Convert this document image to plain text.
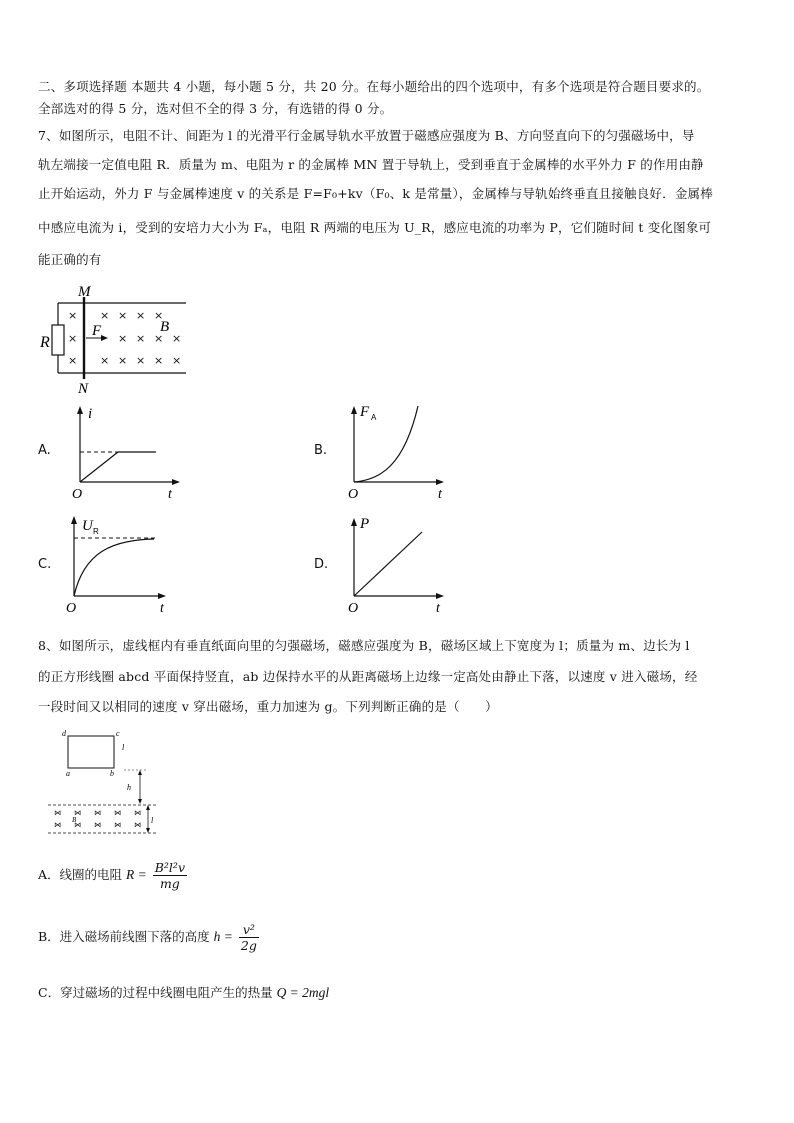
二、多项选择题 本题共 4 小题，每小题 5 分，共 20 分。在每小题给出的四个选项中，有多个选项是符合题目要求的。
全部选对的得 5 分，选对但不全的得 3 分，有选错的得 0 分。
7、如图所示，电阻不计、间距为 l 的光滑平行金属导轨水平放置于磁感应强度为 B、方向竖直向下的匀强磁场中，导
轨左端接一定值电阻 R．质量为 m、电阻为 r 的金属棒 MN 置于导轨上，受到垂直于金属棒的水平外力 F 的作用由静
止开始运动，外力 F 与金属棒速度 v 的关系是 F=F₀+kv（F₀、k 是常量），金属棒与导轨始终垂直且接触良好．金属棒
中感应电流为 i，受到的安培力大小为 Fₐ，电阻 R 两端的电压为 U_R，感应电流的功率为 P，它们随时间 t 变化图象可
能正确的有
R
M
N
F	B
×
×
×
× × × ×
× × × ×
× × × × ×
A.
i
O	t
B.
F A
O	t
C.
U R
O	t
D.
P
O	t
8、如图所示，虚线框内有垂直纸面向里的匀强磁场，磁感应强度为 B，磁场区域上下宽度为 l；质量为 m、边长为 l
的正方形线圈 abcd 平面保持竖直，ab 边保持水平的从距离磁场上边缘一定高处由静止下落，以速度 v 进入磁场，经
一段时间又以相同的速度 v 穿出磁场，重力加速为 g。下列判断正确的是（　　）
d	c
a	b
l
h
⋈ ⋈ ⋈ ⋈ ⋈
⋈ ⋈ ⋈ ⋈ ⋈
B	l
A．线圈的电阻 $R = \frac{\text{B²l²v}}{mg}$
B．进入磁场前线圈下落的高度 $h = \frac{\text{v²}}{2g}$
C．穿过磁场的过程中线圈电阻产生的热量 Q = 2mgl
